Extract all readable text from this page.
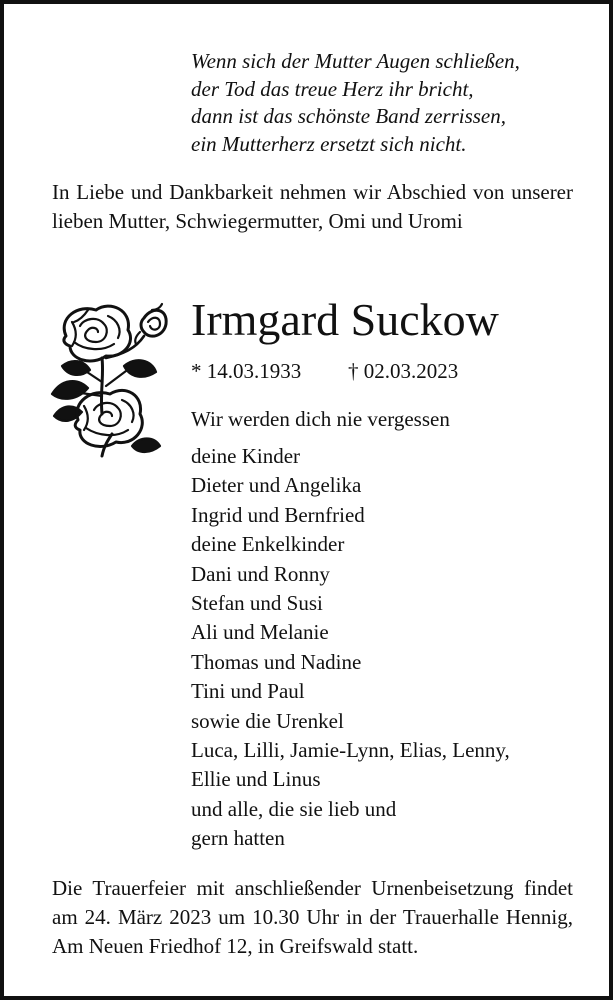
Wenn sich der Mutter Augen schließen,
der Tod das treue Herz ihr bricht,
dann ist das schönste Band zerrissen,
ein Mutterherz ersetzt sich nicht.
In Liebe und Dankbarkeit nehmen wir Abschied von unserer lieben Mutter, Schwiegermutter, Omi und Uromi
Irmgard Suckow
* 14.03.1933 † 02.03.2023
Wir werden dich nie vergessen
deine Kinder
Dieter und Angelika
Ingrid und Bernfried
deine Enkelkinder
Dani und Ronny
Stefan und Susi
Ali und Melanie
Thomas und Nadine
Tini und Paul
sowie die Urenkel
Luca, Lilli, Jamie-Lynn, Elias, Lenny,
Ellie und Linus
und alle, die sie lieb und
gern hatten
Die Trauerfeier mit anschließender Urnenbeisetzung findet am 24. März 2023 um 10.30 Uhr in der Trauerhalle Hennig, Am Neuen Friedhof 12, in Greifswald statt.
